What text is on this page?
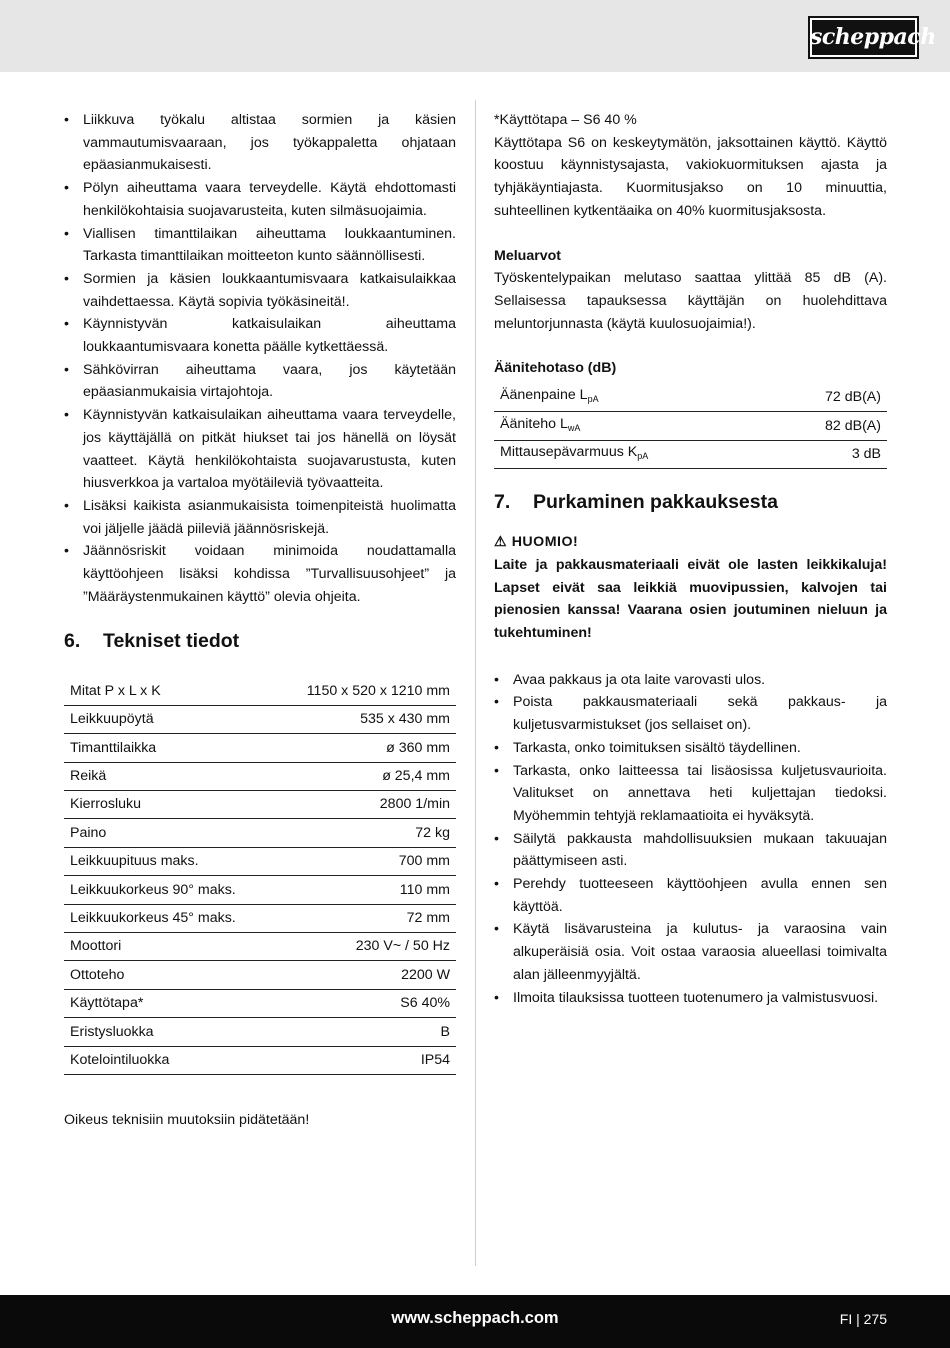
scheppach
• Liikkuva työkalu altistaa sormien ja käsien vammautumisvaaraan, jos työkappaletta ohjataan epäasianmukaisesti.
• Pölyn aiheuttama vaara terveydelle. Käytä ehdottomasti henkilökohtaisia suojavarusteita, kuten silmäsuojaimia.
• Viallisen timanttilaikan aiheuttama loukkaantuminen. Tarkasta timanttilaikan moitteeton kunto säännöllisesti.
• Sormien ja käsien loukkaantumisvaara katkaisulaikkaa vaihdettaessa. Käytä sopivia työkäsineitä!.
• Käynnistyvän katkaisulaikan aiheuttama loukkaantumisvaara konetta päälle kytkettäessä.
• Sähkövirran aiheuttama vaara, jos käytetään epäasianmukaisia virtajohtoja.
• Käynnistyvän katkaisulaikan aiheuttama vaara terveydelle, jos käyttäjällä on pitkät hiukset tai jos hänellä on löysät vaatteet. Käytä henkilökohtaista suojavarustusta, kuten hiusverkkoa ja vartaloa myötäileviä työvaatteita.
• Lisäksi kaikista asianmukaisista toimenpiteistä huolimatta voi jäljelle jäädä piileviä jäännösriskejä.
• Jäännösriskit voidaan minimoida noudattamalla käyttöohjeen lisäksi kohdissa ”Turvallisuusohjeet” ja ”Määräystenmukainen käyttö” olevia ohjeita.
6.	Tekniset tiedot
Mitat P x L x K	1150 x 520 x 1210 mm
Leikkuupöytä	535 x 430 mm
Timanttilaikka	ø 360 mm
Reikä	ø 25,4 mm
Kierrosluku	2800 1/min
Paino	72 kg
Leikkuupituus maks.	700 mm
Leikkuukorkeus 90° maks.	110 mm
Leikkuukorkeus 45° maks.	72 mm
Moottori	230 V~ / 50 Hz
Ottoteho	2200 W
Käyttötapa*	S6 40%
Eristysluokka	B
Kotelointiluokka	IP54

Oikeus teknisiin muutoksiin pidätetään!

*Käyttötapa – S6 40 %
Käyttötapa S6 on keskeytymätön, jaksottainen käyttö. Käyttö koostuu käynnistysajasta, vakiokuormituksen ajasta ja tyhjäkäyntiajasta. Kuormitusjakso on 10 minuuttia, suhteellinen kytkentäaika on 40% kuormitusjaksosta.
Meluarvot
Työskentelypaikan melutaso saattaa ylittää 85 dB (A). Sellaisessa tapauksessa käyttäjän on huolehdittava meluntorjunnasta (käytä kuulosuojaimia!).
Äänitehotaso (dB)
Äänenpaine $L_{pA}$	72 dB(A)
Ääniteho $L_{wA}$	82 dB(A)
Mittausepävarmuus $K_{pA}$	3 dB
7.	Purkaminen pakkauksesta
⚠ HUOMIO!
Laite ja pakkausmateriaali eivät ole lasten leikkikaluja! Lapset eivät saa leikkiä muovipussien, kalvojen tai pienosien kanssa! Vaarana osien joutuminen nieluun ja tukehtuminen!
• Avaa pakkaus ja ota laite varovasti ulos.
• Poista pakkausmateriaali sekä pakkaus- ja kuljetusvarmistukset (jos sellaiset on).
• Tarkasta, onko toimituksen sisältö täydellinen.
• Tarkasta, onko laitteessa tai lisäosissa kuljetusvaurioita. Valitukset on annettava heti kuljettajan tiedoksi. Myöhemmin tehtyjä reklamaatioita ei hyväksytä.
• Säilytä pakkausta mahdollisuuksien mukaan takuuajan päättymiseen asti.
• Perehdy tuotteeseen käyttöohjeen avulla ennen sen käyttöä.
• Käytä lisävarusteina ja kulutus- ja varaosina vain alkuperäisiä osia. Voit ostaa varaosia alueellasi toimivalta alan jälleenmyyjältä.
• Ilmoita tilauksissa tuotteen tuotenumero ja valmistusvuosi.
www.scheppach.com	FI | 275
